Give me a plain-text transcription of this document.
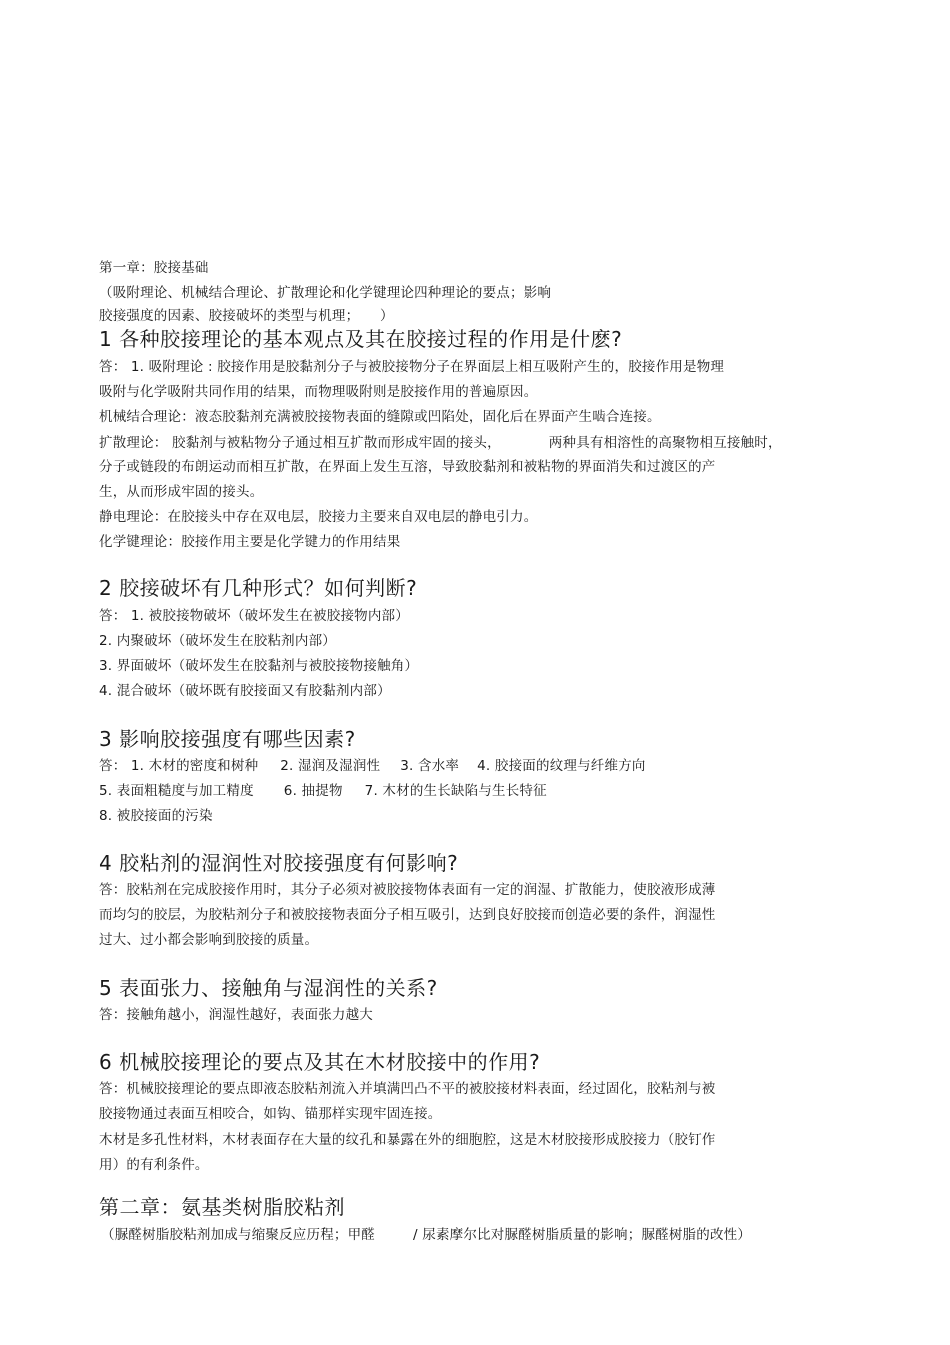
第一章：胶接基础
（吸附理论、机械结合理论、扩散理论和化学键理论四种理论的要点；影响
胶接强度的因素、胶接破坏的类型与机理；　　）
1 各种胶接理论的基本观点及其在胶接过程的作用是什麽?
答： 1. 吸附理论 : 胶接作用是胶黏剂分子与被胶接物分子在界面层上相互吸附产生的，胶接作用是物理
吸附与化学吸附共同作用的结果，而物理吸附则是胶接作用的普遍原因。
机械结合理论：液态胶黏剂充满被胶接物表面的缝隙或凹陷处，固化后在界面产生啮合连接。
扩散理论： 胶黏剂与被粘物分子通过相互扩散而形成牢固的接头，	两种具有相溶性的高聚物相互接触时，
分子或链段的布朗运动而相互扩散，在界面上发生互溶，导致胶黏剂和被粘物的界面消失和过渡区的产
生，从而形成牢固的接头。
静电理论：在胶接头中存在双电层，胶接力主要来自双电层的静电引力。
化学键理论：胶接作用主要是化学键力的作用结果
2 胶接破坏有几种形式？如何判断?
答： 1. 被胶接物破坏（破坏发生在被胶接物内部）
2. 内聚破坏（破坏发生在胶粘剂内部）
3. 界面破坏（破坏发生在胶黏剂与被胶接物接触角）
4. 混合破坏（破坏既有胶接面又有胶黏剂内部）
3 影响胶接强度有哪些因素?
答： 1. 木材的密度和树种 2. 湿润及湿润性 3. 含水率 4. 胶接面的纹理与纤维方向
5. 表面粗糙度与加工精度 6. 抽提物 7. 木材的生长缺陷与生长特征
8. 被胶接面的污染
4 胶粘剂的湿润性对胶接强度有何影响?
答：胶粘剂在完成胶接作用时，其分子必须对被胶接物体表面有一定的润湿、扩散能力，使胶液形成薄
而均匀的胶层，为胶粘剂分子和被胶接物表面分子相互吸引，达到良好胶接而创造必要的条件，润湿性
过大、过小都会影响到胶接的质量。
5 表面张力、接触角与湿润性的关系?
答：接触角越小，润湿性越好，表面张力越大
6 机械胶接理论的要点及其在木材胶接中的作用?
答：机械胶接理论的要点即液态胶粘剂流入并填满凹凸不平的被胶接材料表面，经过固化，胶粘剂与被
胶接物通过表面互相咬合，如钩、锚那样实现牢固连接。
木材是多孔性材料，木材表面存在大量的纹孔和暴露在外的细胞腔，这是木材胶接形成胶接力（胶钉作
用）的有利条件。
第二章：氨基类树脂胶粘剂
（脲醛树脂胶粘剂加成与缩聚反应历程；甲醛	/ 尿素摩尔比对脲醛树脂质量的影响；脲醛树脂的改性）
